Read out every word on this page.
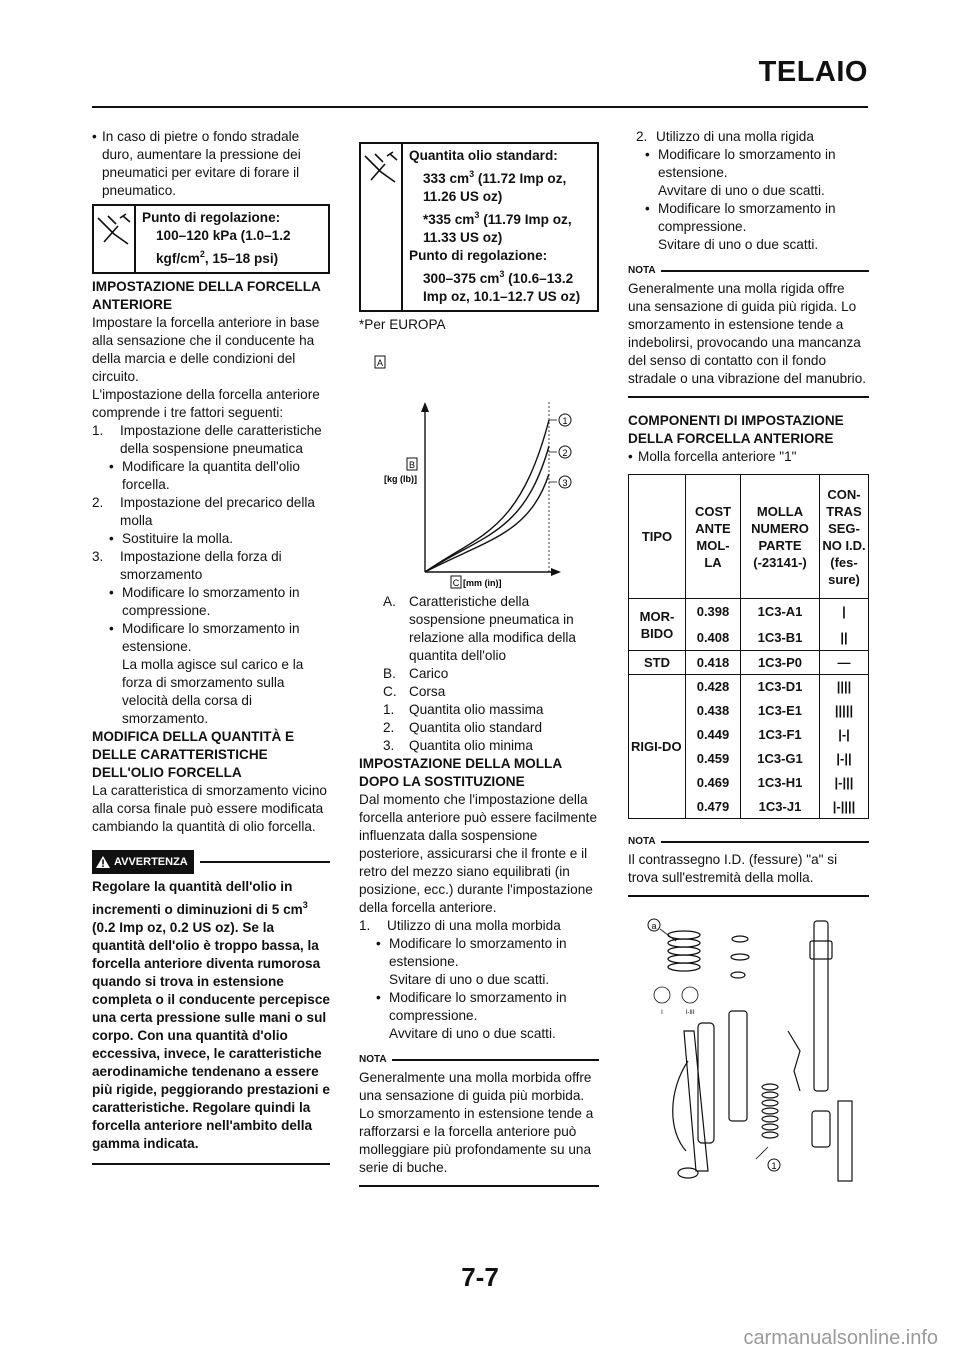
TELAIO

• In caso di pietre o fondo stradale duro, aumentare la pressione dei pneumatici per evitare di forare il pneumatico.

Punto di regolazione:
100–120 kPa (1.0–1.2 kgf/$cm^2$, 15–18 psi)

IMPOSTAZIONE DELLA FORCELLA ANTERIORE

Impostare la forcella anteriore in base alla sensazione che il conducente ha della marcia e delle condizioni del circuito.

L'impostazione della forcella anteriore comprende i tre fattori seguenti:

1. Impostazione delle caratteristiche della sospensione pneumatica

• Modificare la quantita dell'olio forcella.

2. Impostazione del precarico della molla

• Sostituire la molla.

3. Impostazione della forza di smorzamento

• Modificare lo smorzamento in compressione.

• Modificare lo smorzamento in estensione.

La molla agisce sul carico e la forza di smorzamento sulla velocità della corsa di smorzamento.

MODIFICA DELLA QUANTITÀ E DELLE CARATTERISTICHE DELL'OLIO FORCELLA

La caratteristica di smorzamento vicino alla corsa finale può essere modificata cambiando la quantità di olio forcella.

AVVERTENZA
Regolare la quantità dell'olio in incrementi o diminuzioni di 5 $cm^3$ (0.2 Imp oz, 0.2 US oz). Se la quantità dell'olio è troppo bassa, la forcella anteriore diventa rumorosa quando si trova in estensione completa o il conducente percepisce una certa pressione sulle mani o sul corpo. Con una quantità d'olio eccessiva, invece, le caratteristiche aerodinamiche tendenano a essere più rigide, peggiorando prestazioni e caratteristiche. Regolare quindi la forcella anteriore nell'ambito della gamma indicata.
Quantita olio standard:
333 $cm^3$ (11.72 Imp oz, 11.26 US oz)
*335 $cm^3$ (11.79 Imp oz, 11.33 US oz)
Punto di regolazione:
300–375 $cm^3$ (10.6–13.2 Imp oz, 10.1–12.7 US oz)

*Per EUROPA

A
B
[kg (lb)]
C [mm (in)]
1
2
3

A. Caratteristiche della sospensione pneumatica in relazione alla modifica della quantita dell'olio

B. Carico

C. Corsa

1. Quantita olio massima

2. Quantita olio standard

3. Quantita olio minima

IMPOSTAZIONE DELLA MOLLA DOPO LA SOSTITUZIONE

Dal momento che l'impostazione della forcella anteriore può essere facilmente influenzata dalla sospensione posteriore, assicurarsi che il fronte e il retro del mezzo siano equilibrati (in posizione, ecc.) durante l'impostazione della forcella anteriore.

1. Utilizzo di una molla morbida

• Modificare lo smorzamento in estensione.

Svitare di uno o due scatti.

• Modificare lo smorzamento in compressione.

Avvitare di uno o due scatti.

NOTA

Generalmente una molla morbida offre una sensazione di guida più morbida. Lo smorzamento in estensione tende a rafforzarsi e la forcella anteriore può molleggiare più profondamente su una serie di buche.

2. Utilizzo di una molla rigida

• Modificare lo smorzamento in estensione.

Avvitare di uno o due scatti.

• Modificare lo smorzamento in compressione.

Svitare di uno o due scatti.

NOTA

Generalmente una molla rigida offre una sensazione di guida più rigida. Lo smorzamento in estensione tende a indebolirsi, provocando una mancanza del senso di contatto con il fondo stradale o una vibrazione del manubrio.

COMPONENTI DI IMPOSTAZIONE DELLA FORCELLA ANTERIORE

• Molla forcella anteriore "1"

TIPO	COST ANTE MOL-LA	MOLLA NUMERO PARTE (-23141-)	CON-TRAS SEG-NO I.D. (fes-sure)
MOR-BIDO	0.398	1C3-A1	|
	0.408	1C3-B1	||
STD	0.418	1C3-P0	—
RIGI-DO	0.428	1C3-D1	||||
	0.438	1C3-E1	|||||
	0.449	1C3-F1	|-|
	0.459	1C3-G1	|-||
	0.469	1C3-H1	|-|||
	0.479	1C3-J1	|-||||
NOTA

Il contrassegno I.D. (fessure) "a" si trova sull'estremità della molla.

a
I	I-III
1
7-7
carmanualsonline.info
